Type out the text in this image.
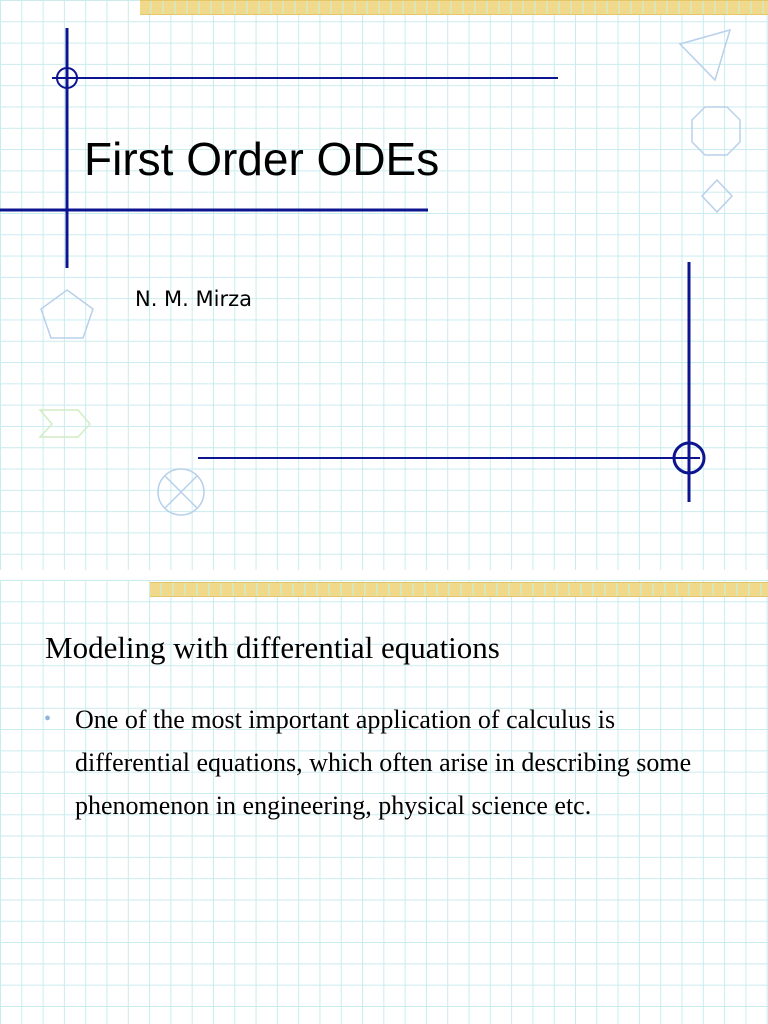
First Order ODEs
N. M. Mirza
Modeling with differential equations
• One of the most important application of calculus is differential equations, which often arise in describing some phenomenon in engineering, physical science etc.
